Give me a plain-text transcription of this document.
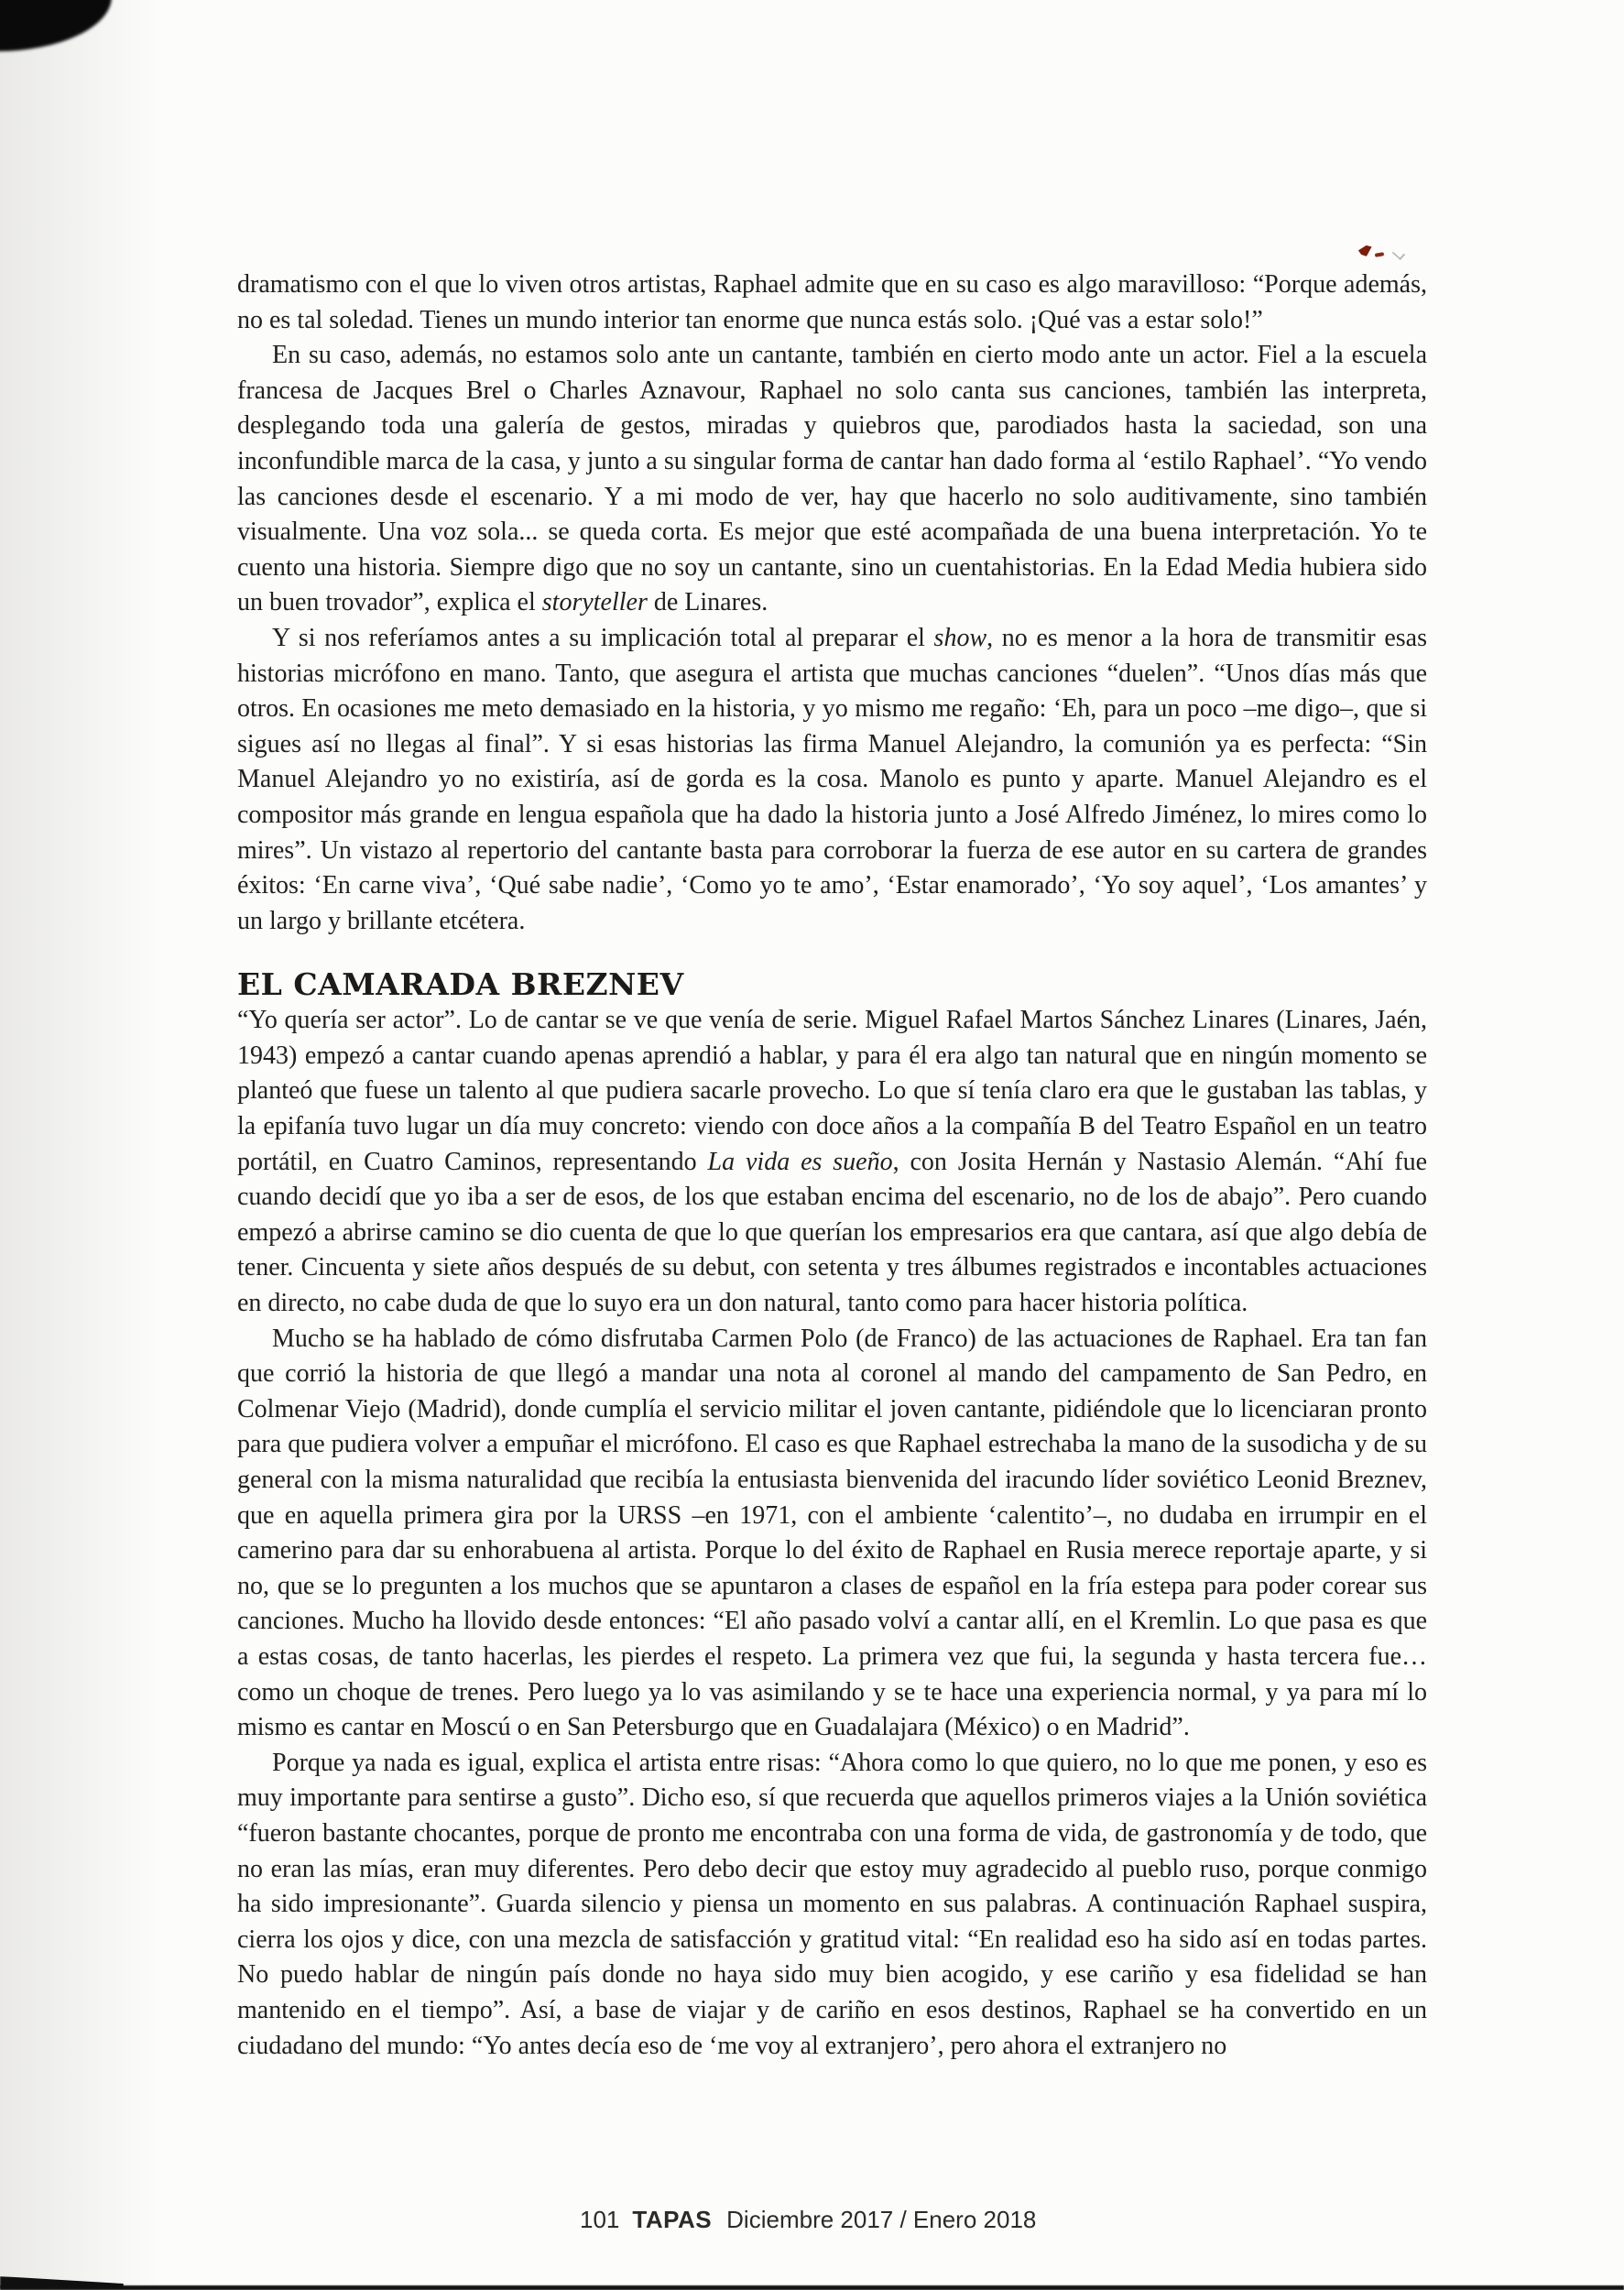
dramatismo con el que lo viven otros artistas, Raphael admite que en su caso es algo maravilloso: “Porque además, no es tal soledad. Tienes un mundo interior tan enorme que nunca estás solo. ¡Qué vas a estar solo!”

En su caso, además, no estamos solo ante un cantante, también en cierto modo ante un actor. Fiel a la escuela francesa de Jacques Brel o Charles Aznavour, Raphael no solo canta sus canciones, también las interpreta, desplegando toda una galería de gestos, miradas y quiebros que, parodiados hasta la saciedad, son una inconfundible marca de la casa, y junto a su singular forma de cantar han dado forma al ‘estilo Raphael’. “Yo vendo las canciones desde el escenario. Y a mi modo de ver, hay que hacerlo no solo auditivamente, sino también visualmente. Una voz sola... se queda corta. Es mejor que esté acompañada de una buena interpretación. Yo te cuento una historia. Siempre digo que no soy un cantante, sino un cuentahistorias. En la Edad Media hubiera sido un buen trovador”, explica el storyteller de Linares.

Y si nos referíamos antes a su implicación total al preparar el show, no es menor a la hora de transmitir esas historias micrófono en mano. Tanto, que asegura el artista que muchas canciones “duelen”. “Unos días más que otros. En ocasiones me meto demasiado en la historia, y yo mismo me regaño: ‘Eh, para un poco –me digo–, que si sigues así no llegas al final”. Y si esas historias las firma Manuel Alejandro, la comunión ya es perfecta: “Sin Manuel Alejandro yo no existiría, así de gorda es la cosa. Manolo es punto y aparte. Manuel Alejandro es el compositor más grande en lengua española que ha dado la historia junto a José Alfredo Jiménez, lo mires como lo mires”. Un vistazo al repertorio del cantante basta para corroborar la fuerza de ese autor en su cartera de grandes éxitos: ‘En carne viva’, ‘Qué sabe nadie’, ‘Como yo te amo’, ‘Estar enamorado’, ‘Yo soy aquel’, ‘Los amantes’ y un largo y brillante etcétera.

EL CAMARADA BREZNEV

“Yo quería ser actor”. Lo de cantar se ve que venía de serie. Miguel Rafael Martos Sánchez Linares (Linares, Jaén, 1943) empezó a cantar cuando apenas aprendió a hablar, y para él era algo tan natural que en ningún momento se planteó que fuese un talento al que pudiera sacarle provecho. Lo que sí tenía claro era que le gustaban las tablas, y la epifanía tuvo lugar un día muy concreto: viendo con doce años a la compañía B del Teatro Español en un teatro portátil, en Cuatro Caminos, representando La vida es sueño, con Josita Hernán y Nastasio Alemán. “Ahí fue cuando decidí que yo iba a ser de esos, de los que estaban encima del escenario, no de los de abajo”. Pero cuando empezó a abrirse camino se dio cuenta de que lo que querían los empresarios era que cantara, así que algo debía de tener. Cincuenta y siete años después de su debut, con setenta y tres álbumes registrados e incontables actuaciones en directo, no cabe duda de que lo suyo era un don natural, tanto como para hacer historia política.

Mucho se ha hablado de cómo disfrutaba Carmen Polo (de Franco) de las actuaciones de Raphael. Era tan fan que corrió la historia de que llegó a mandar una nota al coronel al mando del campamento de San Pedro, en Colmenar Viejo (Madrid), donde cumplía el servicio militar el joven cantante, pidiéndole que lo licenciaran pronto para que pudiera volver a empuñar el micrófono. El caso es que Raphael estrechaba la mano de la susodicha y de su general con la misma naturalidad que recibía la entusiasta bienvenida del iracundo líder soviético Leonid Breznev, que en aquella primera gira por la URSS –en 1971, con el ambiente ‘calentito’–, no dudaba en irrumpir en el camerino para dar su enhorabuena al artista. Porque lo del éxito de Raphael en Rusia merece reportaje aparte, y si no, que se lo pregunten a los muchos que se apuntaron a clases de español en la fría estepa para poder corear sus canciones. Mucho ha llovido desde entonces: “El año pasado volví a cantar allí, en el Kremlin. Lo que pasa es que a estas cosas, de tanto hacerlas, les pierdes el respeto. La primera vez que fui, la segunda y hasta tercera fue… como un choque de trenes. Pero luego ya lo vas asimilando y se te hace una experiencia normal, y ya para mí lo mismo es cantar en Moscú o en San Petersburgo que en Guadalajara (México) o en Madrid”.

Porque ya nada es igual, explica el artista entre risas: “Ahora como lo que quiero, no lo que me ponen, y eso es muy importante para sentirse a gusto”. Dicho eso, sí que recuerda que aquellos primeros viajes a la Unión soviética “fueron bastante chocantes, porque de pronto me encontraba con una forma de vida, de gastronomía y de todo, que no eran las mías, eran muy diferentes. Pero debo decir que estoy muy agradecido al pueblo ruso, porque conmigo ha sido impresionante”. Guarda silencio y piensa un momento en sus palabras. A continuación Raphael suspira, cierra los ojos y dice, con una mezcla de satisfacción y gratitud vital: “En realidad eso ha sido así en todas partes. No puedo hablar de ningún país donde no haya sido muy bien acogido, y ese cariño y esa fidelidad se han mantenido en el tiempo”. Así, a base de viajar y de cariño en esos destinos, Raphael se ha convertido en un ciudadano del mundo: “Yo antes decía eso de ‘me voy al extranjero’, pero ahora el extranjero no

101 TAPAS Diciembre 2017 / Enero 2018
